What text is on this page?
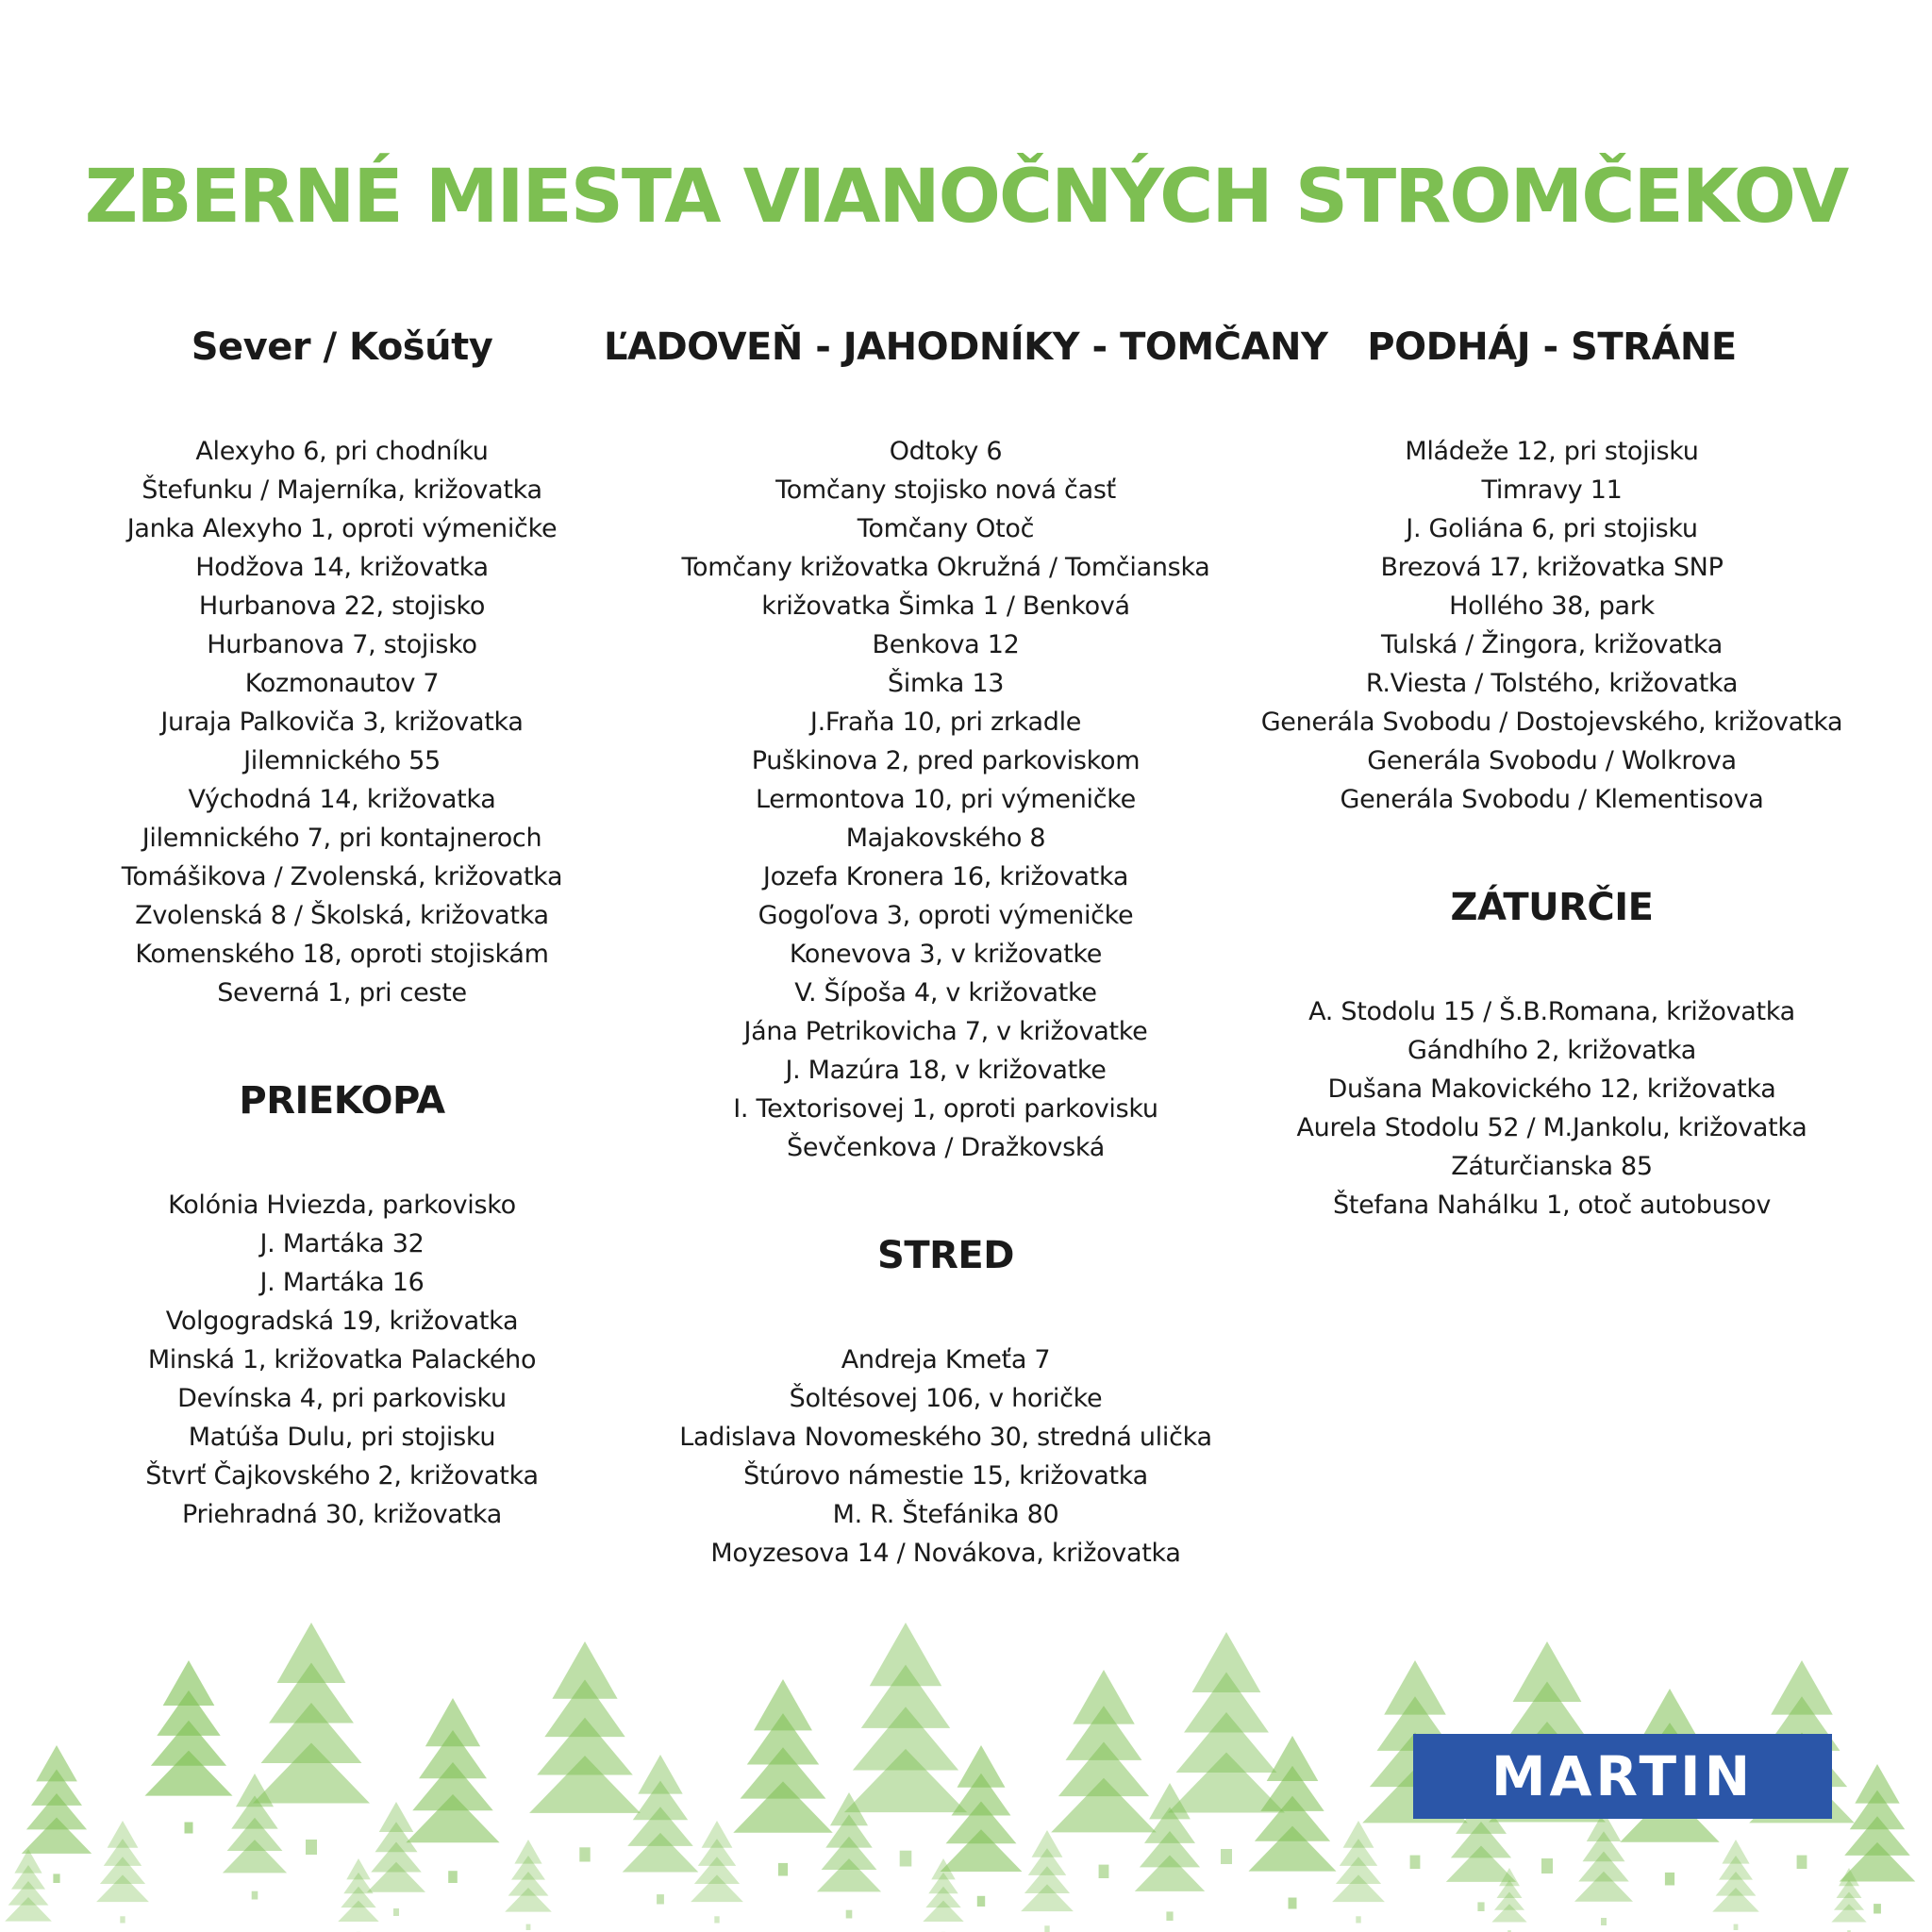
ZBERNÉ MIESTA VIANOČNÝCH STROMČEKOV
Sever / Košúty
Alexyho 6, pri chodníku
Štefunku / Majerníka, križovatka
Janka Alexyho 1, oproti výmeničke
Hodžova 14, križovatka
Hurbanova 22, stojisko
Hurbanova 7, stojisko
Kozmonautov 7
Juraja Palkoviča 3, križovatka
Jilemnického 55
Východná 14, križovatka
Jilemnického 7, pri kontajneroch
Tomášikova / Zvolenská, križovatka
Zvolenská 8 / Školská, križovatka
Komenského 18, oproti stojiskám
Severná 1, pri ceste
PRIEKOPA
Kolónia Hviezda, parkovisko
J. Martáka 32
J. Martáka 16
Volgogradská 19, križovatka
Minská 1, križovatka Palackého
Devínska 4, pri parkovisku
Matúša Dulu, pri stojisku
Štvrť Čajkovského 2, križovatka
Priehradná 30, križovatka
ĽADOVEŇ - JAHODNÍKY - TOMČANY
Odtoky 6
Tomčany stojisko nová časť
Tomčany Otoč
Tomčany križovatka Okružná / Tomčianska
križovatka Šimka 1 / Benková
Benkova 12
Šimka 13
J.Fraňa 10, pri zrkadle
Puškinova 2, pred parkoviskom
Lermontova 10, pri výmeničke
Majakovského 8
Jozefa Kronera 16, križovatka
Gogoľova 3, oproti výmeničke
Konevova 3, v križovatke
V. Šípoša 4, v križovatke
Jána Petrikovicha 7, v križovatke
J. Mazúra 18, v križovatke
I. Textorisovej 1, oproti parkovisku
Ševčenkova / Dražkovská
STRED
Andreja Kmeťa 7
Šoltésovej 106, v horičke
Ladislava Novomeského 30, stredná ulička
Štúrovo námestie 15, križovatka
M. R. Štefánika 80
Moyzesova 14 / Novákova, križovatka
PODHÁJ - STRÁNE
Mládeže 12, pri stojisku
Timravy 11
J. Goliána 6, pri stojisku
Brezová 17, križovatka SNP
Hollého 38, park
Tulská / Žingora, križovatka
R.Viesta / Tolstého, križovatka
Generála Svobodu / Dostojevského, križovatka
Generála Svobodu / Wolkrova
Generála Svobodu / Klementisova
ZÁTURČIE
A. Stodolu 15 / Š.B.Romana, križovatka
Gándhího 2, križovatka
Dušana Makovického 12, križovatka
Aurela Stodolu 52 / M.Jankolu, križovatka
Záturčianska 85
Štefana Nahálku 1, otoč autobusov
MARTIN
